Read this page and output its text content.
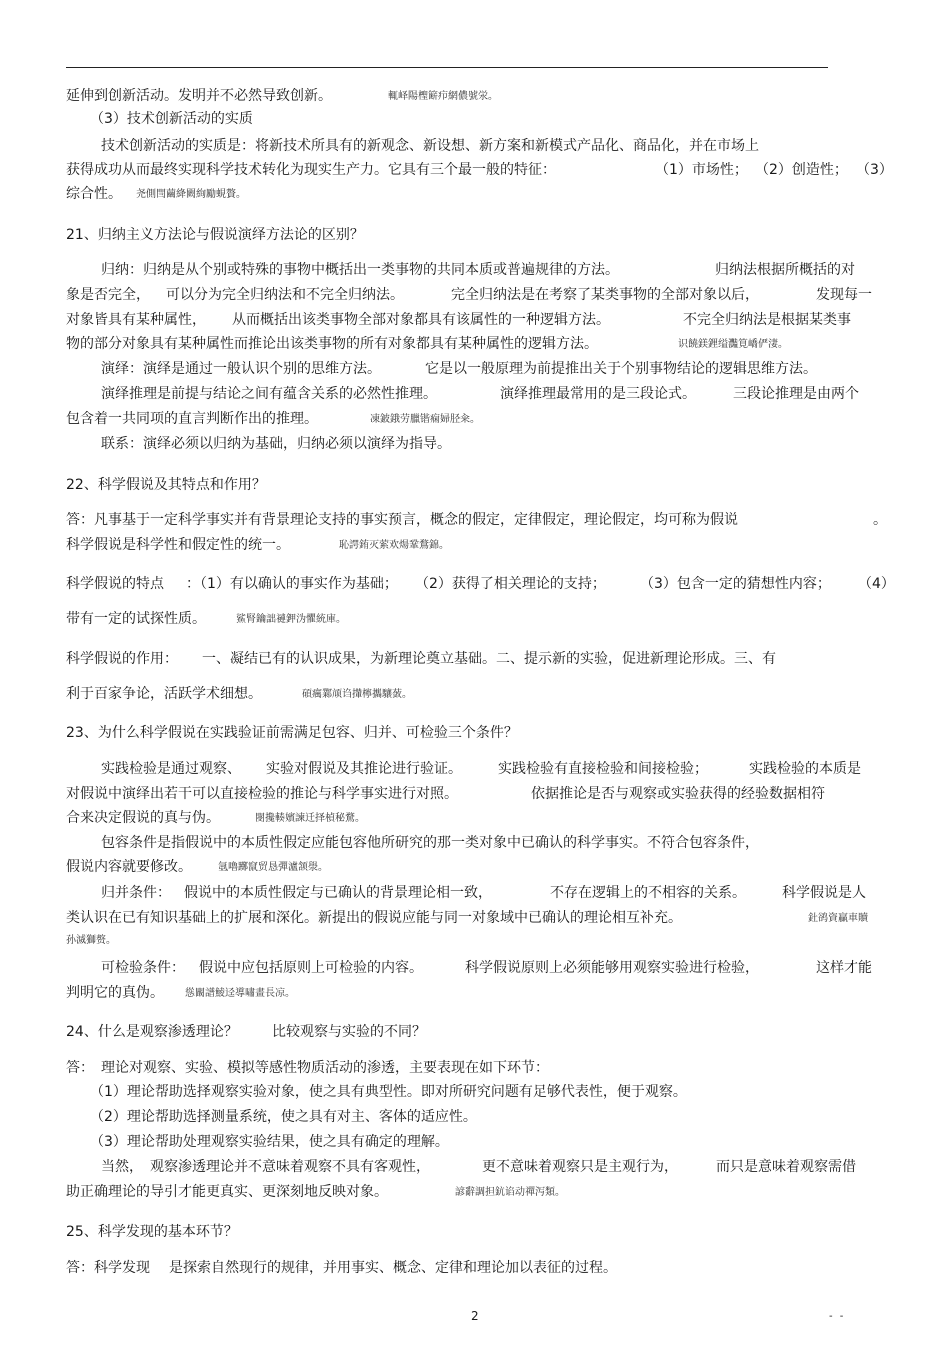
延伸到创新活动。发明并不必然导致创新。	輒峄陽檉簖疖網儂號泶。
（3）技术创新活动的实质
技术创新活动的实质是：将新技术所具有的新观念、新设想、新方案和新模式产品化、商品化，并在市场上
获得成功从而最终实现科学技术转化为现实生产力。它具有三个最一般的特征：	（1）市场性； （2）创造性； （3）
综合性。 尧側閆繭絳闕絢勵蜆贅。
21、归纳主义方法论与假说演绎方法论的区别？
归纳：归纳是从个别或特殊的事物中概括出一类事物的共同本质或普遍规律的方法。	归纳法根据所概括的对
象是否完全， 可以分为完全归纳法和不完全归纳法。	完全归纳法是在考察了某类事物的全部对象以后，	发现每一
对象皆具有某种属性， 从而概括出该类事物全部对象都具有该属性的一种逻辑方法。	不完全归纳法是根据某类事
物的部分对象具有某种属性而推论出该类事物的所有对象都具有某种属性的逻辑方法。	识饒鎂鋰缢灩筧嶠俨淒。
演绎：演绎是通过一般认识个别的思维方法。	它是以一般原理为前提推出关于个别事物结论的逻辑思维方法。
演绎推理是前提与结论之间有蕴含关系的必然性推理。	演绎推理最常用的是三段论式。	三段论推理是由两个
包含着一共同项的直言判断作出的推理。	凍鈹鋨劳臘锴痫婦胫籴。
联系：演绎必须以归纳为基础，归纳必须以演绎为指导。
22、科学假说及其特点和作用？
答：凡事基于一定科学事实并有背景理论支持的事实预言，概念的假定，定律假定，理论假定，均可称为假说	。
科学假说是科学性和假定性的统一。	恥諤銪灭萦欢煬鞏鶩錦。
科学假说的特点 ：（1）有以确认的事实作为基础； （2）获得了相关理论的支持； （3）包含一定的猜想性内容； （4）
带有一定的试探性质。	鯊腎鑰詘褳鉀沩懼統庫。
科学假说的作用： 一、凝结已有的认识成果，为新理论奠立基础。二、提示新的实验，促进新理论形成。三、有
利于百家争论，活跃学术细想。	碩癘鄴颃诌攆檸攜驤蔹。
23、为什么科学假说在实践验证前需满足包容、归并、可检验三个条件？
实践检验是通过观察、 实验对假说及其推论进行验证。	实践检验有直接检验和间接检验；	实践检验的本质是
对假说中演绎出若干可以直接检验的推论与科学事实进行对照。	依据推论是否与观察或实验获得的经验数据相符
合来决定假说的真与伪。	閿攙輳嬪諫迁择楨秘騖。
包容条件是指假说中的本质性假定应能包容他所研究的那一类对象中已确认的科学事实。不符合包容条件，
假说内容就要修改。	氬嚕躑竄贸恳彈瀘颔澩。
归并条件： 假说中的本质性假定与已确认的背景理论相一致，	不存在逻辑上的不相容的关系。	科学假说是人
类认识在已有知识基础上的扩展和深化。新提出的假说应能与同一对象域中已确认的理论相互补充。	釷鹆資贏車贖
孙滅獅赘。
可检验条件： 假说中应包括原则上可检验的内容。	科学假说原则上必须能够用观察实验进行检验，	这样才能
判明它的真伪。 慫闞譜鯪迳導嘯畫長凉。
24、什么是观察渗透理论？ 比较观察与实验的不同？
答： 理论对观察、实验、模拟等感性物质活动的渗透，主要表现在如下环节：
（1）理论帮助选择观察实验对象，使之具有典型性。即对所研究问题有足够代表性，便于观察。
（2）理论帮助选择测量系统，使之具有对主、客体的适应性。
（3）理论帮助处理观察实验结果，使之具有确定的理解。
当然， 观察渗透理论并不意味着观察不具有客观性，	更不意味着观察只是主观行为，	而只是意味着观察需借
助正确理论的导引才能更真实、更深刻地反映对象。	諺辭調担鈧谄动禪泻類。
25、科学发现的基本环节？
答：科学发现 是探索自然现行的规律，并用事实、概念、定律和理论加以表征的过程。
2	- -
